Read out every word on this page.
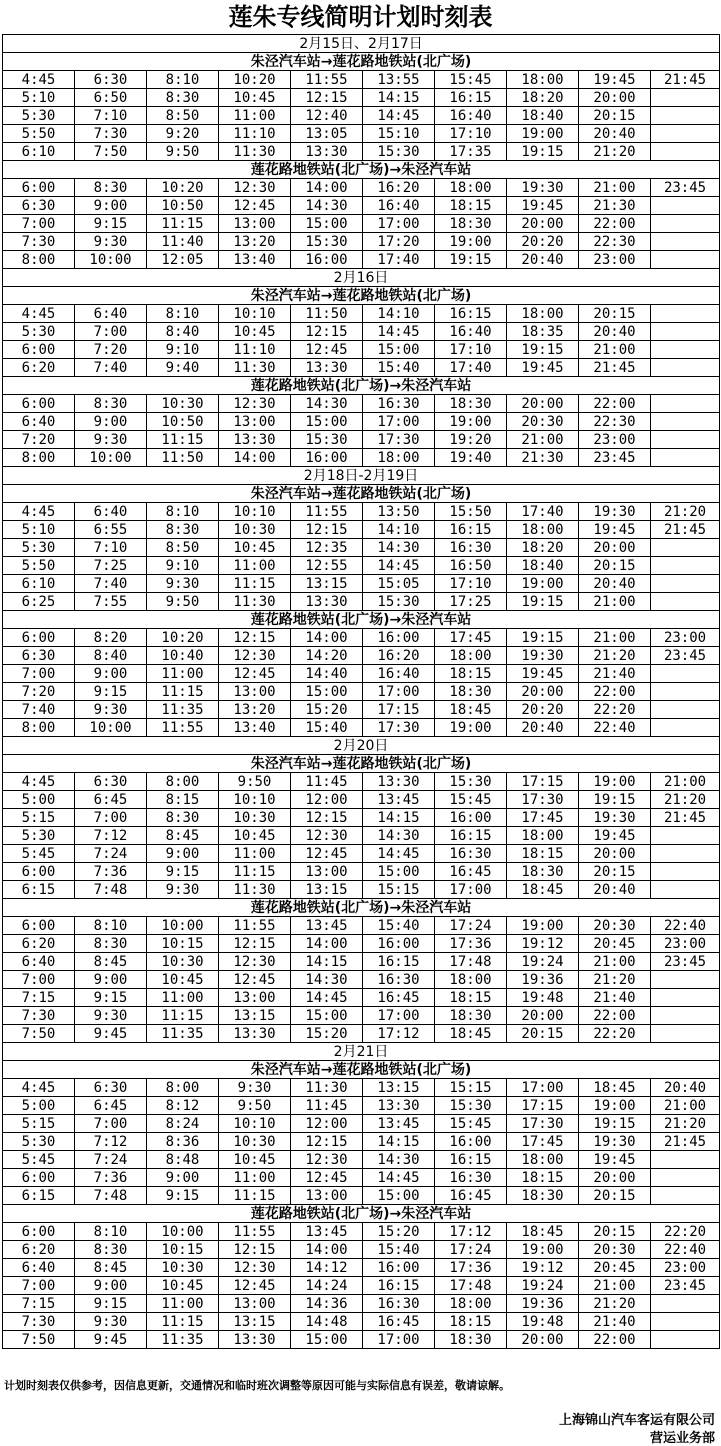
莲朱专线简明计划时刻表
2月15日、2月17日									
朱泾汽车站→莲花路地铁站(北广场)									
4:45	6:30	8:10	10:20	11:55	13:55	15:45	18:00	19:45	21:45
5:10	6:50	8:30	10:45	12:15	14:15	16:15	18:20	20:00	
5:30	7:10	8:50	11:00	12:40	14:45	16:40	18:40	20:15	
5:50	7:30	9:20	11:10	13:05	15:10	17:10	19:00	20:40	
6:10	7:50	9:50	11:30	13:30	15:30	17:35	19:15	21:20	
莲花路地铁站(北广场)→朱泾汽车站									
6:00	8:30	10:20	12:30	14:00	16:20	18:00	19:30	21:00	23:45
6:30	9:00	10:50	12:45	14:30	16:40	18:15	19:45	21:30	
7:00	9:15	11:15	13:00	15:00	17:00	18:30	20:00	22:00	
7:30	9:30	11:40	13:20	15:30	17:20	19:00	20:20	22:30	
8:00	10:00	12:05	13:40	16:00	17:40	19:15	20:40	23:00	
2月16日									
朱泾汽车站→莲花路地铁站(北广场)									
4:45	6:40	8:10	10:10	11:50	14:10	16:15	18:00	20:15	
5:30	7:00	8:40	10:45	12:15	14:45	16:40	18:35	20:40	
6:00	7:20	9:10	11:10	12:45	15:00	17:10	19:15	21:00	
6:20	7:40	9:40	11:30	13:30	15:40	17:40	19:45	21:45	
莲花路地铁站(北广场)→朱泾汽车站									
6:00	8:30	10:30	12:30	14:30	16:30	18:30	20:00	22:00	
6:40	9:00	10:50	13:00	15:00	17:00	19:00	20:30	22:30	
7:20	9:30	11:15	13:30	15:30	17:30	19:20	21:00	23:00	
8:00	10:00	11:50	14:00	16:00	18:00	19:40	21:30	23:45	
2月18日-2月19日									
朱泾汽车站→莲花路地铁站(北广场)									
4:45	6:40	8:10	10:10	11:55	13:50	15:50	17:40	19:30	21:20
5:10	6:55	8:30	10:30	12:15	14:10	16:15	18:00	19:45	21:45
5:30	7:10	8:50	10:45	12:35	14:30	16:30	18:20	20:00	
5:50	7:25	9:10	11:00	12:55	14:45	16:50	18:40	20:15	
6:10	7:40	9:30	11:15	13:15	15:05	17:10	19:00	20:40	
6:25	7:55	9:50	11:30	13:30	15:30	17:25	19:15	21:00	
莲花路地铁站(北广场)→朱泾汽车站									
6:00	8:20	10:20	12:15	14:00	16:00	17:45	19:15	21:00	23:00
6:30	8:40	10:40	12:30	14:20	16:20	18:00	19:30	21:20	23:45
7:00	9:00	11:00	12:45	14:40	16:40	18:15	19:45	21:40	
7:20	9:15	11:15	13:00	15:00	17:00	18:30	20:00	22:00	
7:40	9:30	11:35	13:20	15:20	17:15	18:45	20:20	22:20	
8:00	10:00	11:55	13:40	15:40	17:30	19:00	20:40	22:40	
2月20日									
朱泾汽车站→莲花路地铁站(北广场)									
4:45	6:30	8:00	9:50	11:45	13:30	15:30	17:15	19:00	21:00
5:00	6:45	8:15	10:10	12:00	13:45	15:45	17:30	19:15	21:20
5:15	7:00	8:30	10:30	12:15	14:15	16:00	17:45	19:30	21:45
5:30	7:12	8:45	10:45	12:30	14:30	16:15	18:00	19:45	
5:45	7:24	9:00	11:00	12:45	14:45	16:30	18:15	20:00	
6:00	7:36	9:15	11:15	13:00	15:00	16:45	18:30	20:15	
6:15	7:48	9:30	11:30	13:15	15:15	17:00	18:45	20:40	
莲花路地铁站(北广场)→朱泾汽车站									
6:00	8:10	10:00	11:55	13:45	15:40	17:24	19:00	20:30	22:40
6:20	8:30	10:15	12:15	14:00	16:00	17:36	19:12	20:45	23:00
6:40	8:45	10:30	12:30	14:15	16:15	17:48	19:24	21:00	23:45
7:00	9:00	10:45	12:45	14:30	16:30	18:00	19:36	21:20	
7:15	9:15	11:00	13:00	14:45	16:45	18:15	19:48	21:40	
7:30	9:30	11:15	13:15	15:00	17:00	18:30	20:00	22:00	
7:50	9:45	11:35	13:30	15:20	17:12	18:45	20:15	22:20	
2月21日									
朱泾汽车站→莲花路地铁站(北广场)									
4:45	6:30	8:00	9:30	11:30	13:15	15:15	17:00	18:45	20:40
5:00	6:45	8:12	9:50	11:45	13:30	15:30	17:15	19:00	21:00
5:15	7:00	8:24	10:10	12:00	13:45	15:45	17:30	19:15	21:20
5:30	7:12	8:36	10:30	12:15	14:15	16:00	17:45	19:30	21:45
5:45	7:24	8:48	10:45	12:30	14:30	16:15	18:00	19:45	
6:00	7:36	9:00	11:00	12:45	14:45	16:30	18:15	20:00	
6:15	7:48	9:15	11:15	13:00	15:00	16:45	18:30	20:15	
莲花路地铁站(北广场)→朱泾汽车站									
6:00	8:10	10:00	11:55	13:45	15:20	17:12	18:45	20:15	22:20
6:20	8:30	10:15	12:15	14:00	15:40	17:24	19:00	20:30	22:40
6:40	8:45	10:30	12:30	14:12	16:00	17:36	19:12	20:45	23:00
7:00	9:00	10:45	12:45	14:24	16:15	17:48	19:24	21:00	23:45
7:15	9:15	11:00	13:00	14:36	16:30	18:00	19:36	21:20	
7:30	9:30	11:15	13:15	14:48	16:45	18:15	19:48	21:40	
7:50	9:45	11:35	13:30	15:00	17:00	18:30	20:00	22:00	
计划时刻表仅供参考，因信息更新，交通情况和临时班次调整等原因可能与实际信息有误差，敬请谅解。
上海锦山汽车客运有限公司
营运业务部
